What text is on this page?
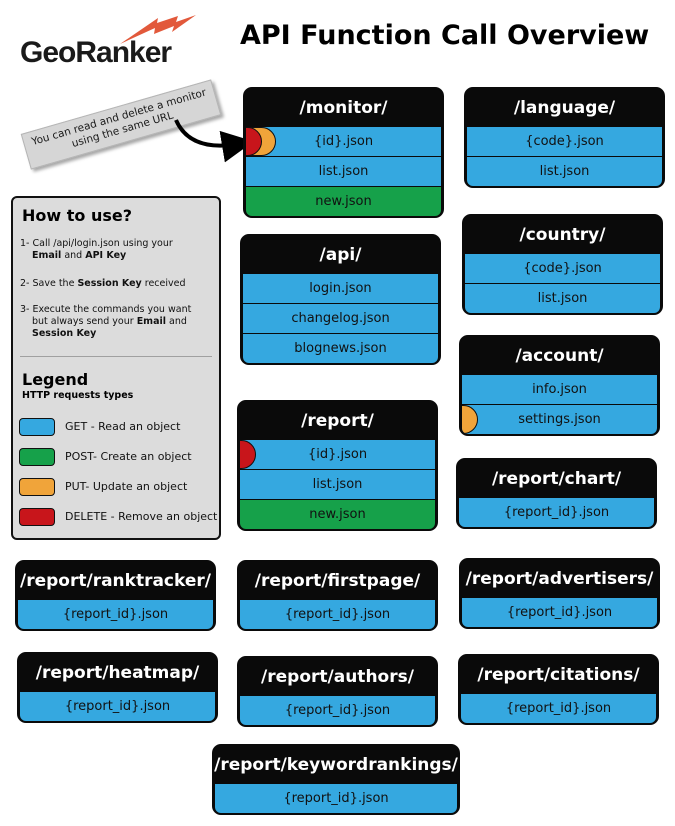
GeoRanker
API Function Call Overview
You can read and delete a monitor using the same URL
How to use?
1- Call /api/login.json using your
Email and API Key
2- Save the Session Key received
3- Execute the commands you want
but always send your Email and
Session Key
Legend
HTTP requests types
GET - Read an object
POST- Create an object
PUT- Update an object
DELETE - Remove an object
/monitor/
{id}.json
list.json
new.json
/language/
{code}.json
list.json
/api/
login.json
changelog.json
blognews.json
/country/
{code}.json
list.json
/account/
info.json
settings.json
/report/
{id}.json
list.json
new.json
/report/chart/
{report_id}.json
/report/ranktracker/
{report_id}.json
/report/firstpage/
{report_id}.json
/report/advertisers/
{report_id}.json
/report/heatmap/
{report_id}.json
/report/authors/
{report_id}.json
/report/citations/
{report_id}.json
/report/keywordrankings/
{report_id}.json
